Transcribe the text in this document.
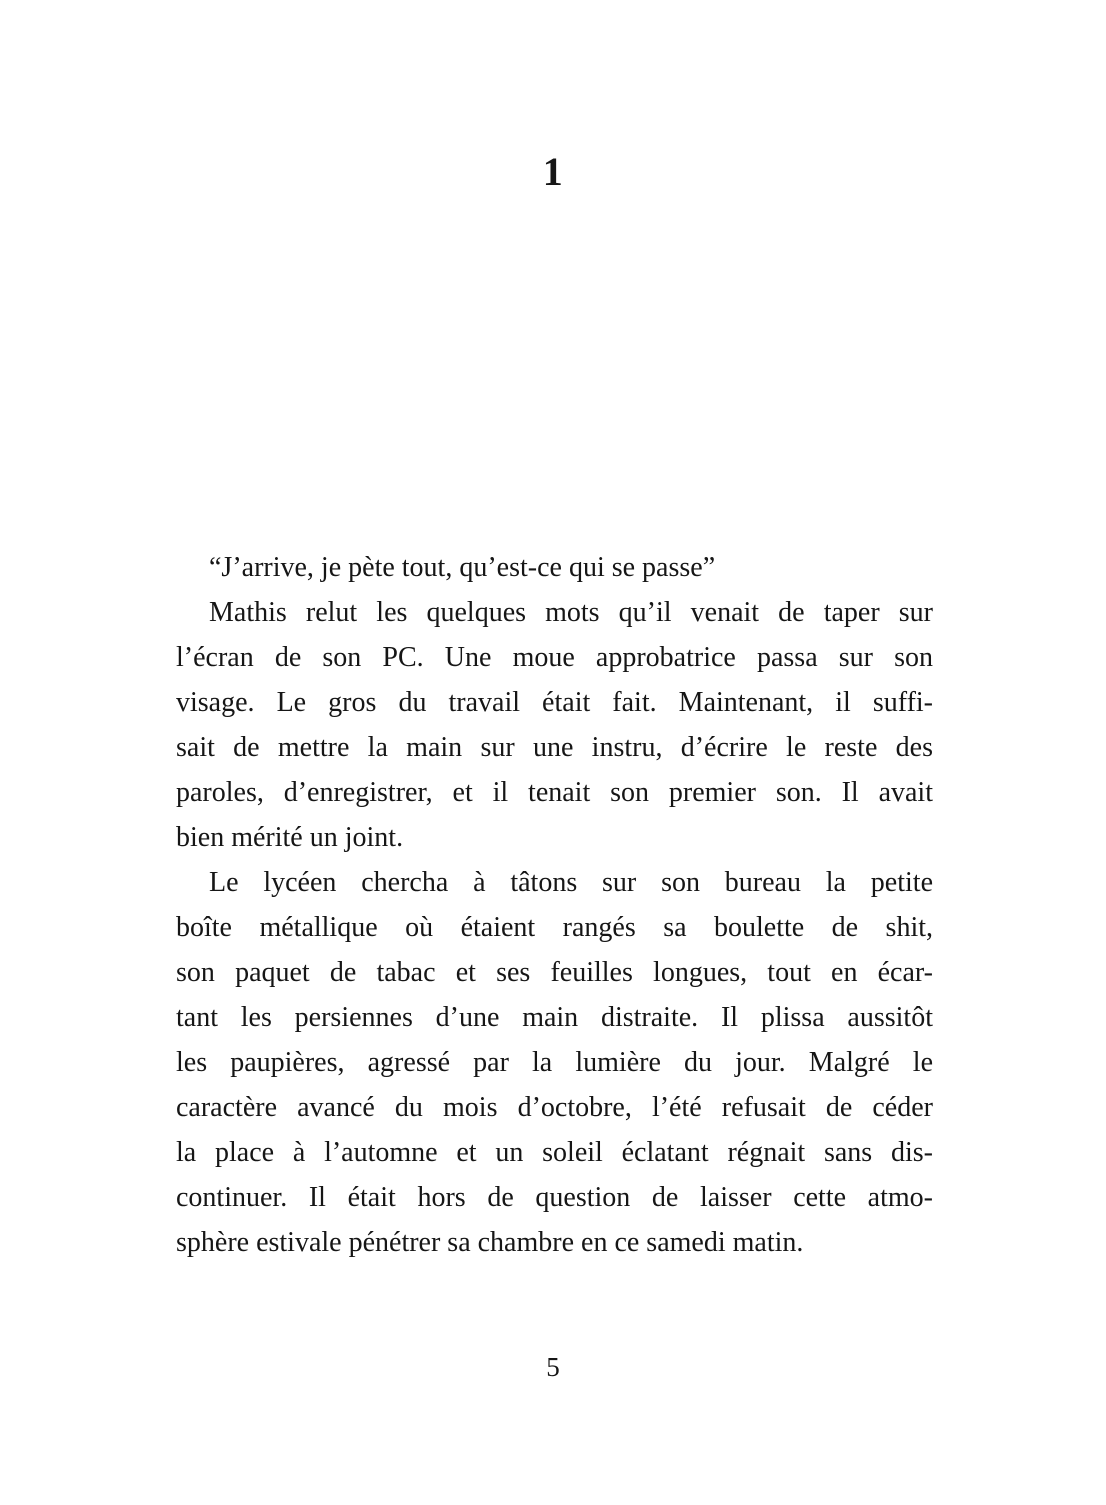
1
“J’arrive, je pète tout, qu’est-ce qui se passe”
Mathis relut les quelques mots qu’il venait de taper sur
l’écran de son PC. Une moue approbatrice passa sur son
visage. Le gros du travail était fait. Maintenant, il suffi-
sait de mettre la main sur une instru, d’écrire le reste des
paroles, d’enregistrer, et il tenait son premier son. Il avait
bien mérité un joint.
Le lycéen chercha à tâtons sur son bureau la petite
boîte métallique où étaient rangés sa boulette de shit,
son paquet de tabac et ses feuilles longues, tout en écar-
tant les persiennes d’une main distraite. Il plissa aussitôt
les paupières, agressé par la lumière du jour. Malgré le
caractère avancé du mois d’octobre, l’été refusait de céder
la place à l’automne et un soleil éclatant régnait sans dis-
continuer. Il était hors de question de laisser cette atmo-
sphère estivale pénétrer sa chambre en ce samedi matin.
5
